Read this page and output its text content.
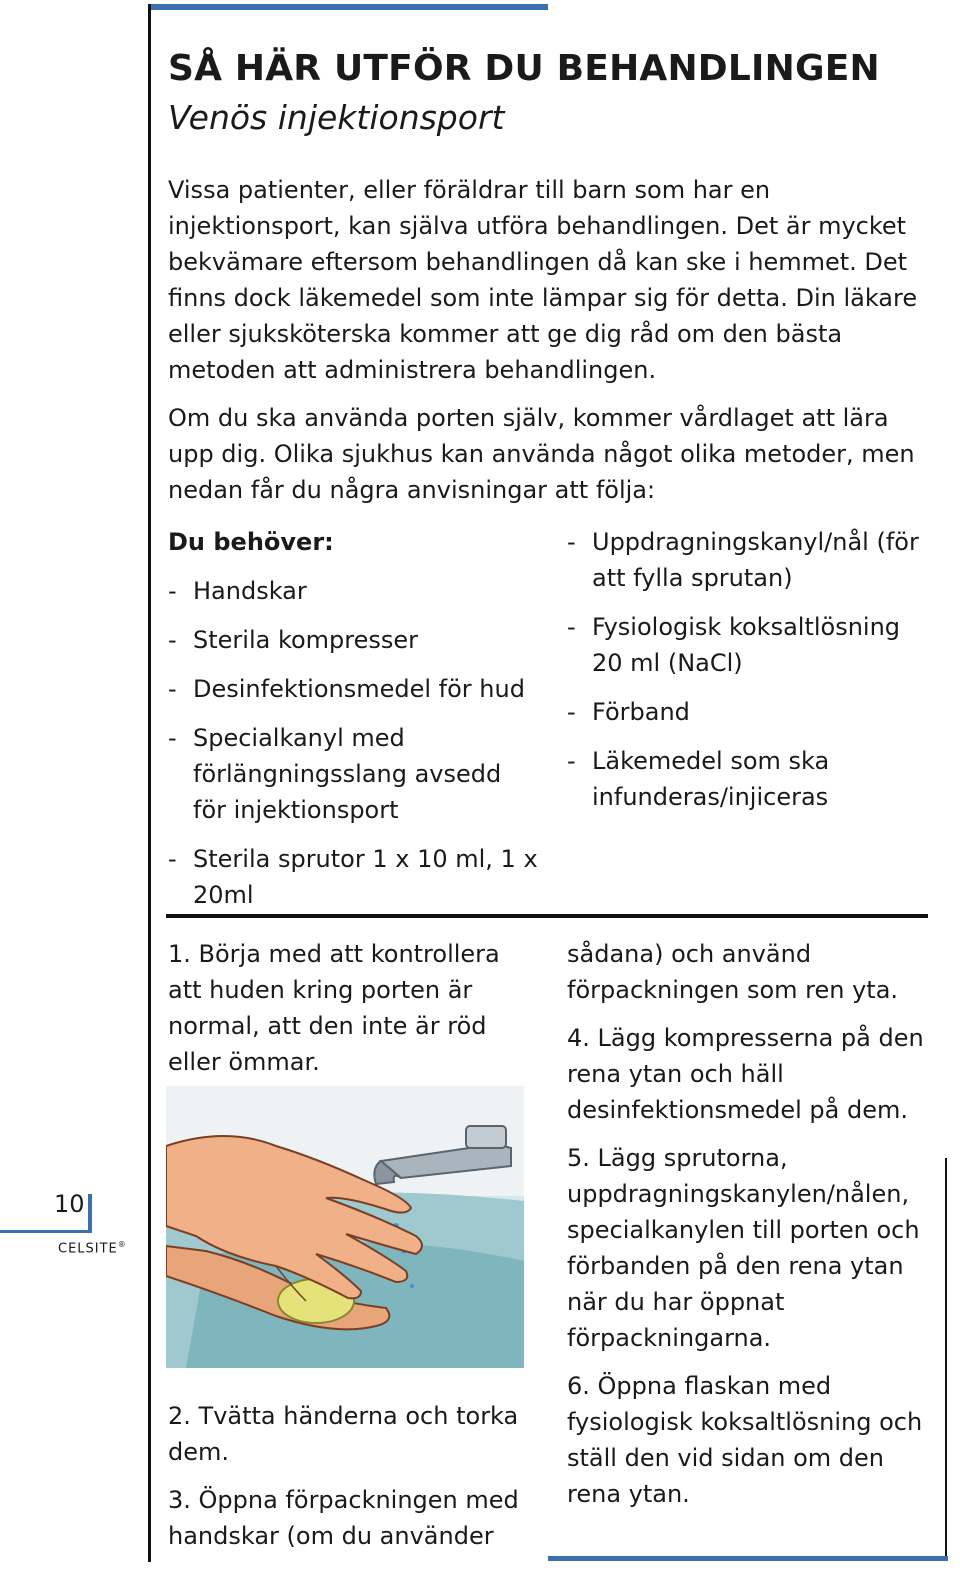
SÅ HÄR UTFÖR DU BEHANDLINGEN
Venös injektionsport

Vissa patienter, eller föräldrar till barn som har en injektionsport, kan själva utföra behandlingen. Det är mycket bekvämare eftersom behandlingen då kan ske i hemmet. Det finns dock läkemedel som inte lämpar sig för detta. Din läkare eller sjuksköterska kommer att ge dig råd om den bästa metoden att administrera behandlingen.

Om du ska använda porten själv, kommer vårdlaget att lära upp dig. Olika sjukhus kan använda något olika metoder, men nedan får du några anvisningar att följa:

Du behöver:
- Handskar
- Sterila kompresser
- Desinfektionsmedel för hud
- Specialkanyl med förlängningsslang avsedd för injektionsport
- Sterila sprutor 1 x 10 ml, 1 x 20ml
- Uppdragningskanyl/nål (för att fylla sprutan)
- Fysiologisk koksaltlösning 20 ml (NaCl)
- Förband
- Läkemedel som ska infunderas/injiceras

1. Börja med att kontrollera att huden kring porten är normal, att den inte är röd eller ömmar.

2. Tvätta händerna och torka dem.

3. Öppna förpackningen med handskar (om du använder

sådana) och använd förpackningen som ren yta.

4. Lägg kompresserna på den rena ytan och häll desinfektionsmedel på dem.

5. Lägg sprutorna, uppdragningskanylen/nålen, specialkanylen till porten och förbanden på den rena ytan när du har öppnat förpackningarna.

6. Öppna flaskan med fysiologisk koksaltlösning och ställ den vid sidan om den rena ytan.

10
CELSITE®
